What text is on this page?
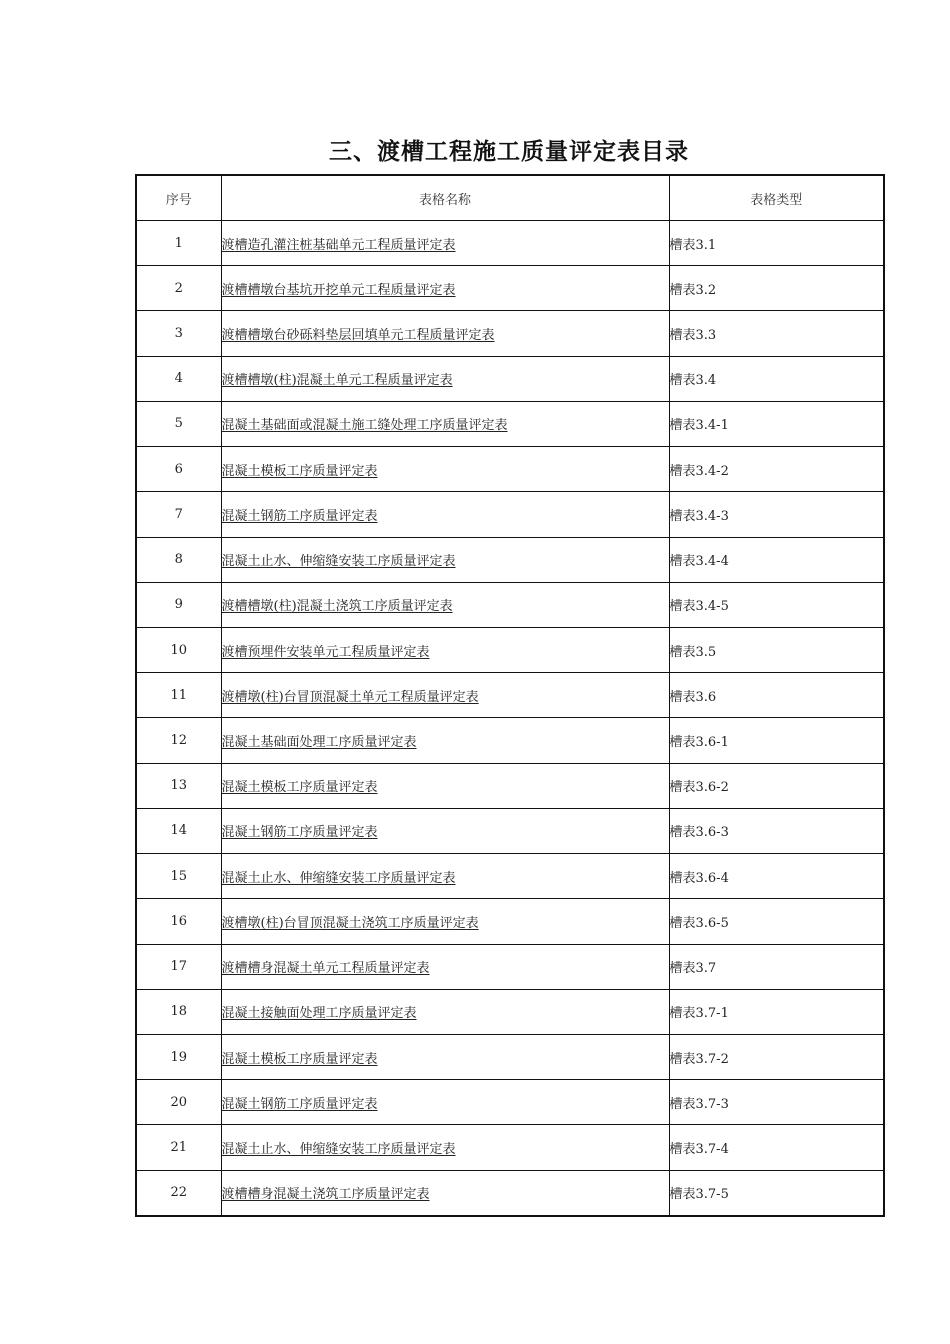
三、渡槽工程施工质量评定表目录
序号	表格名称	表格类型
1	渡槽造孔灌注桩基础单元工程质量评定表	槽表3.1
2	渡槽槽墩台基坑开挖单元工程质量评定表	槽表3.2
3	渡槽槽墩台砂砾料垫层回填单元工程质量评定表	槽表3.3
4	渡槽槽墩(柱)混凝土单元工程质量评定表	槽表3.4
5	混凝土基础面或混凝土施工缝处理工序质量评定表	槽表3.4-1
6	混凝土模板工序质量评定表	槽表3.4-2
7	混凝土钢筋工序质量评定表	槽表3.4-3
8	混凝土止水、伸缩缝安装工序质量评定表	槽表3.4-4
9	渡槽槽墩(柱)混凝土浇筑工序质量评定表	槽表3.4-5
10	渡槽预埋件安装单元工程质量评定表	槽表3.5
11	渡槽墩(柱)台冒顶混凝土单元工程质量评定表	槽表3.6
12	混凝土基础面处理工序质量评定表	槽表3.6-1
13	混凝土模板工序质量评定表	槽表3.6-2
14	混凝土钢筋工序质量评定表	槽表3.6-3
15	混凝土止水、伸缩缝安装工序质量评定表	槽表3.6-4
16	渡槽墩(柱)台冒顶混凝土浇筑工序质量评定表	槽表3.6-5
17	渡槽槽身混凝土单元工程质量评定表	槽表3.7
18	混凝土接触面处理工序质量评定表	槽表3.7-1
19	混凝土模板工序质量评定表	槽表3.7-2
20	混凝土钢筋工序质量评定表	槽表3.7-3
21	混凝土止水、伸缩缝安装工序质量评定表	槽表3.7-4
22	渡槽槽身混凝土浇筑工序质量评定表	槽表3.7-5
